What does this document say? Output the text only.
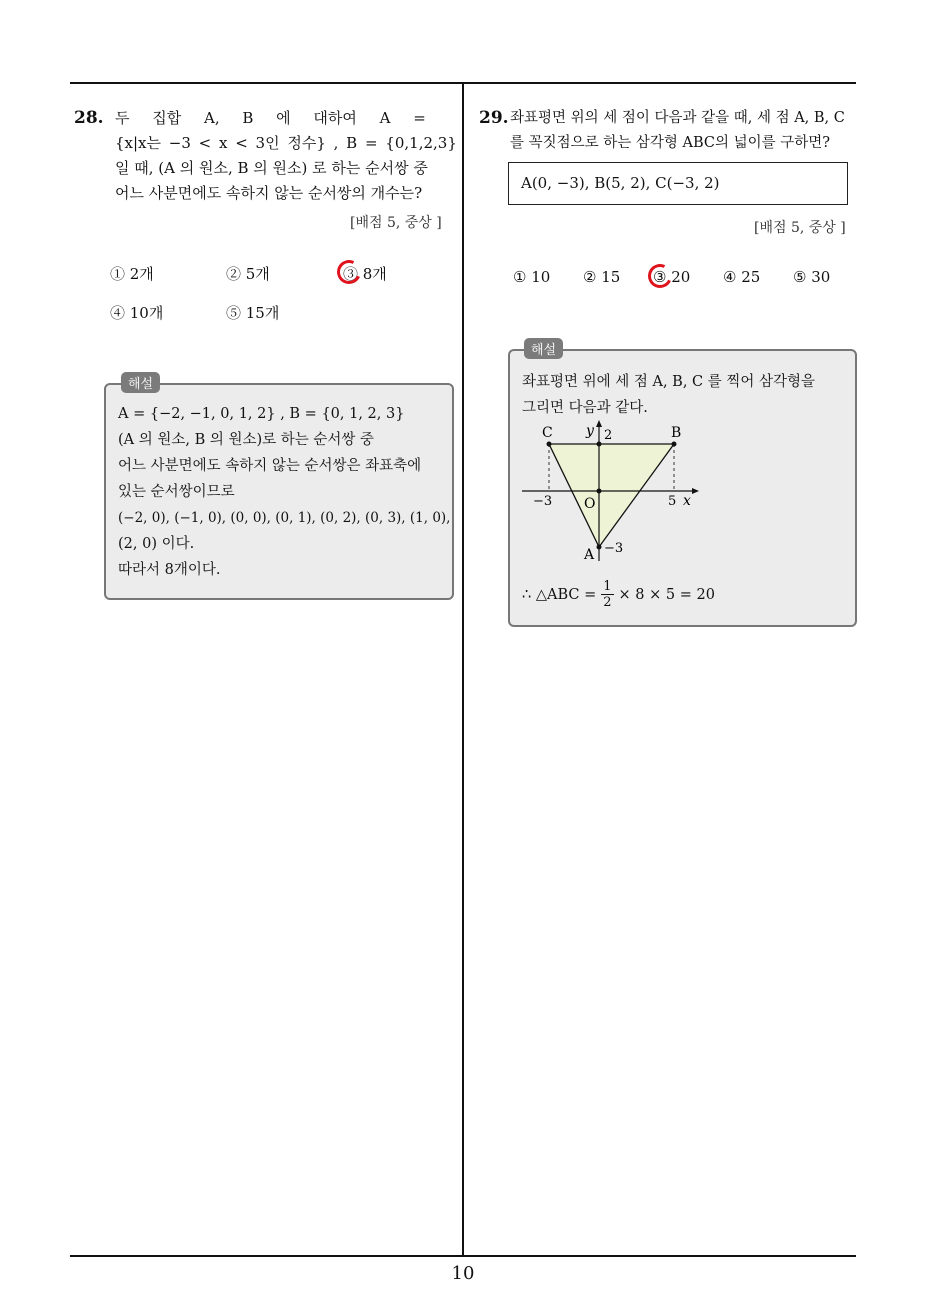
28. 두 집합 A, B 에 대하여 A =
{x|x는 −3 < x < 3인 정수} , B = {0,1,2,3}
일 때, (A 의 원소, B 의 원소) 로 하는 순서쌍 중
어느 사분면에도 속하지 않는 순서쌍의 개수는?
[배점 5, 중상 ]
① 2개	② 5개	③ 8개
④ 10개	⑤ 15개
A = {−2, −1, 0, 1, 2} , B = {0, 1, 2, 3}
(A 의 원소, B 의 원소)로 하는 순서쌍 중
어느 사분면에도 속하지 않는 순서쌍은 좌표축에
있는 순서쌍이므로
(−2, 0), (−1, 0), (0, 0), (0, 1), (0, 2), (0, 3), (1, 0),
(2, 0) 이다.
따라서 8개이다.
해설
29. 좌표평면 위의 세 점이 다음과 같을 때, 세 점 A, B, C
를 꼭짓점으로 하는 삼각형 ABC의 넓이를 구하면?
A(0, −3), B(5, 2), C(−3, 2)
[배점 5, 중상 ]
① 10 ② 15 ③ 20 ④ 25 ⑤ 30
좌표평면 위에 세 점 A, B, C 를 찍어 삼각형을
그리면 다음과 같다.
C	B
A
O
y
x
2
5
−3
−3
∴ △ABC = $\frac{1}{2} \times 8 \times 5 = 20$
해설
10
